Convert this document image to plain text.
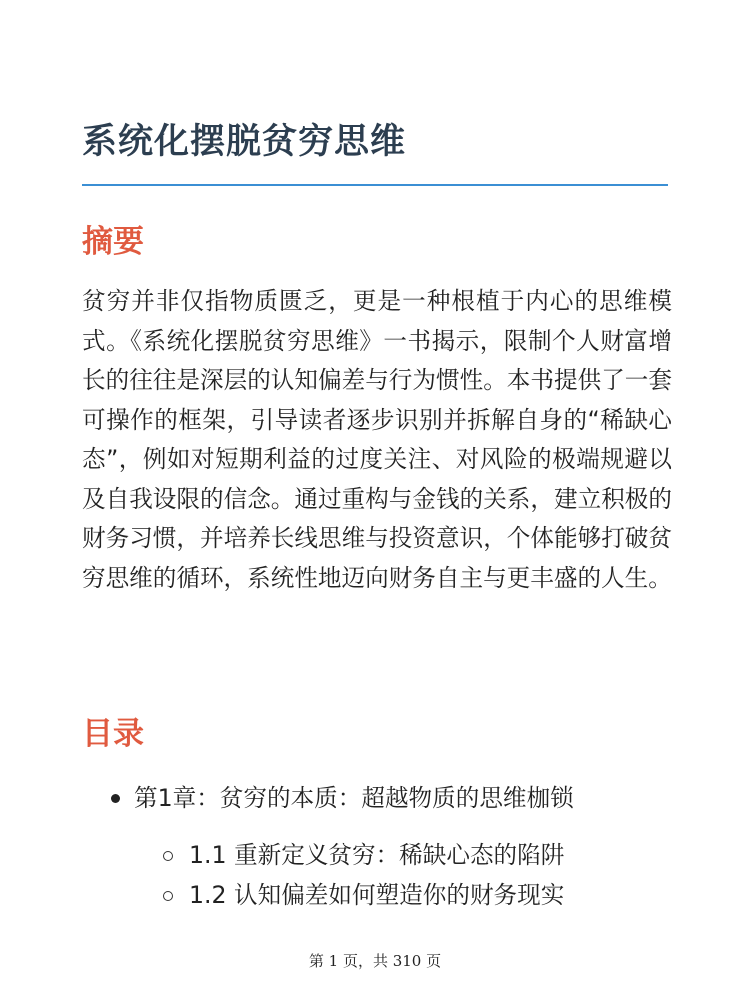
系统化摆脱贫穷思维
摘要

贫穷并非仅指物质匮乏，更是一种根植于内心的思维模式。《系统化摆脱贫穷思维》一书揭示，限制个人财富增长的往往是深层的认知偏差与行为惯性。本书提供了一套可操作的框架，引导读者逐步识别并拆解自身的“稀缺心态”，例如对短期利益的过度关注、对风险的极端规避以及自我设限的信念。通过重构与金钱的关系，建立积极的财务习惯，并培养长线思维与投资意识，个体能够打破贫穷思维的循环，系统性地迈向财务自主与更丰盛的人生。

目录
第1章：贫穷的本质：超越物质的思维枷锁
1.1 重新定义贫穷：稀缺心态的陷阱
1.2 认知偏差如何塑造你的财务现实
第 1 页，共 310 页
